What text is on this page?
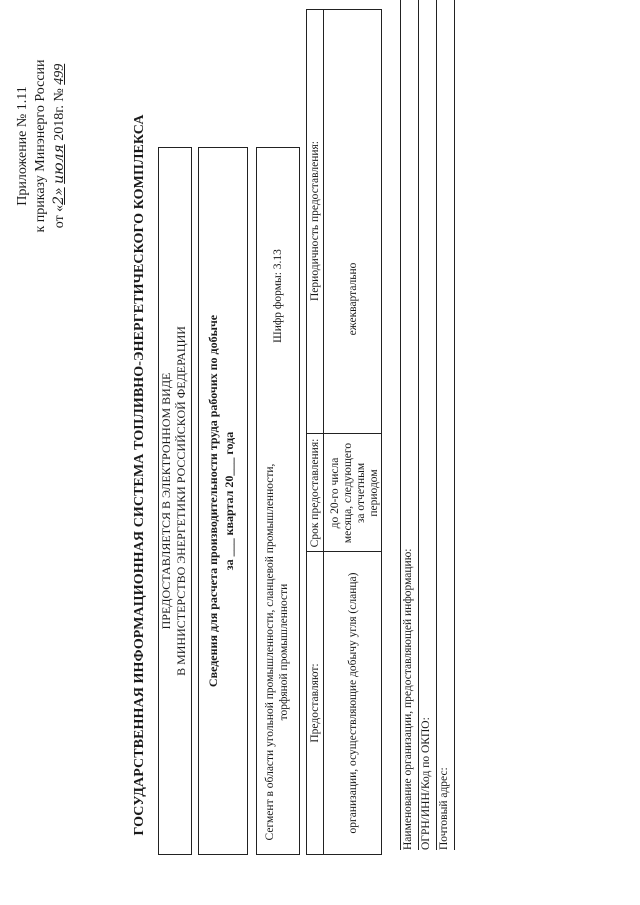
Приложение № 1.11 к приказу Минэнерго России от «2» июля 2018г. № 499
ГОСУДАРСТВЕННАЯ ИНФОРМАЦИОННАЯ СИСТЕМА ТОПЛИВНО-ЭНЕРГЕТИЧЕСКОГО КОМПЛЕКСА ПРЕДОСТАВЛЯЕТСЯ В ЭЛЕКТРОННОМ ВИДЕ В МИНИСТЕРСТВО ЭНЕРГЕТИКИ РОССИЙСКОЙ ФЕДЕРАЦИИ Сведения для расчета производительности труда рабочих по добыче за ___ квартал 20___ года Сегмент в области угольной промышленности, сланцевой промышленности, торфяной промышленности
Шифр формы: 3.13
Предоставляют:
Срок предоставления:
Периодичность предоставления:
организации, осуществляющие добычу угля (сланца)
до 20-го числа месяца, следующего за отчетным периодом
ежеквартально
Наименование организации, предоставляющей информацию: ОГРН/ИНН/Код по ОКПО: Почтовый адрес:
